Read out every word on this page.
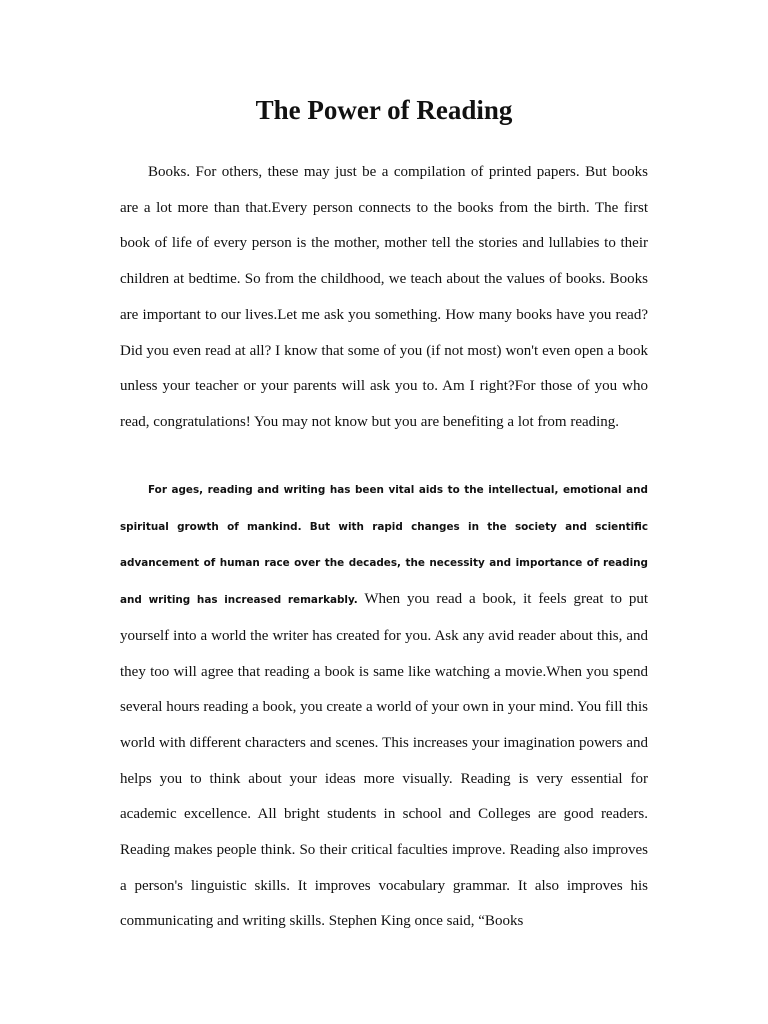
The Power of Reading

Books. For others, these may just be a compilation of printed papers. But books are a lot more than that.Every person connects to the books from the birth. The first book of life of every person is the mother, mother tell the stories and lullabies to their children at bedtime. So from the childhood, we teach about the values of books. Books are important to our lives.Let me ask you something. How many books have you read? Did you even read at all? I know that some of you (if not most) won't even open a book unless your teacher or your parents will ask you to. Am I right?For those of you who read, congratulations! You may not know but you are benefiting a lot from reading.

For ages, reading and writing has been vital aids to the intellectual, emotional and spiritual growth of mankind. But with rapid changes in the society and scientific advancement of human race over the decades, the necessity and importance of reading and writing has increased remarkably. When you read a book, it feels great to put yourself into a world the writer has created for you. Ask any avid reader about this, and they too will agree that reading a book is same like watching a movie.When you spend several hours reading a book, you create a world of your own in your mind. You fill this world with different characters and scenes. This increases your imagination powers and helps you to think about your ideas more visually. Reading is very essential for academic excellence. All bright students in school and Colleges are good readers. Reading makes people think. So their critical faculties improve. Reading also improves a person's linguistic skills. It improves vocabulary grammar. It also improves his communicating and writing skills. Stephen King once said, “Books
